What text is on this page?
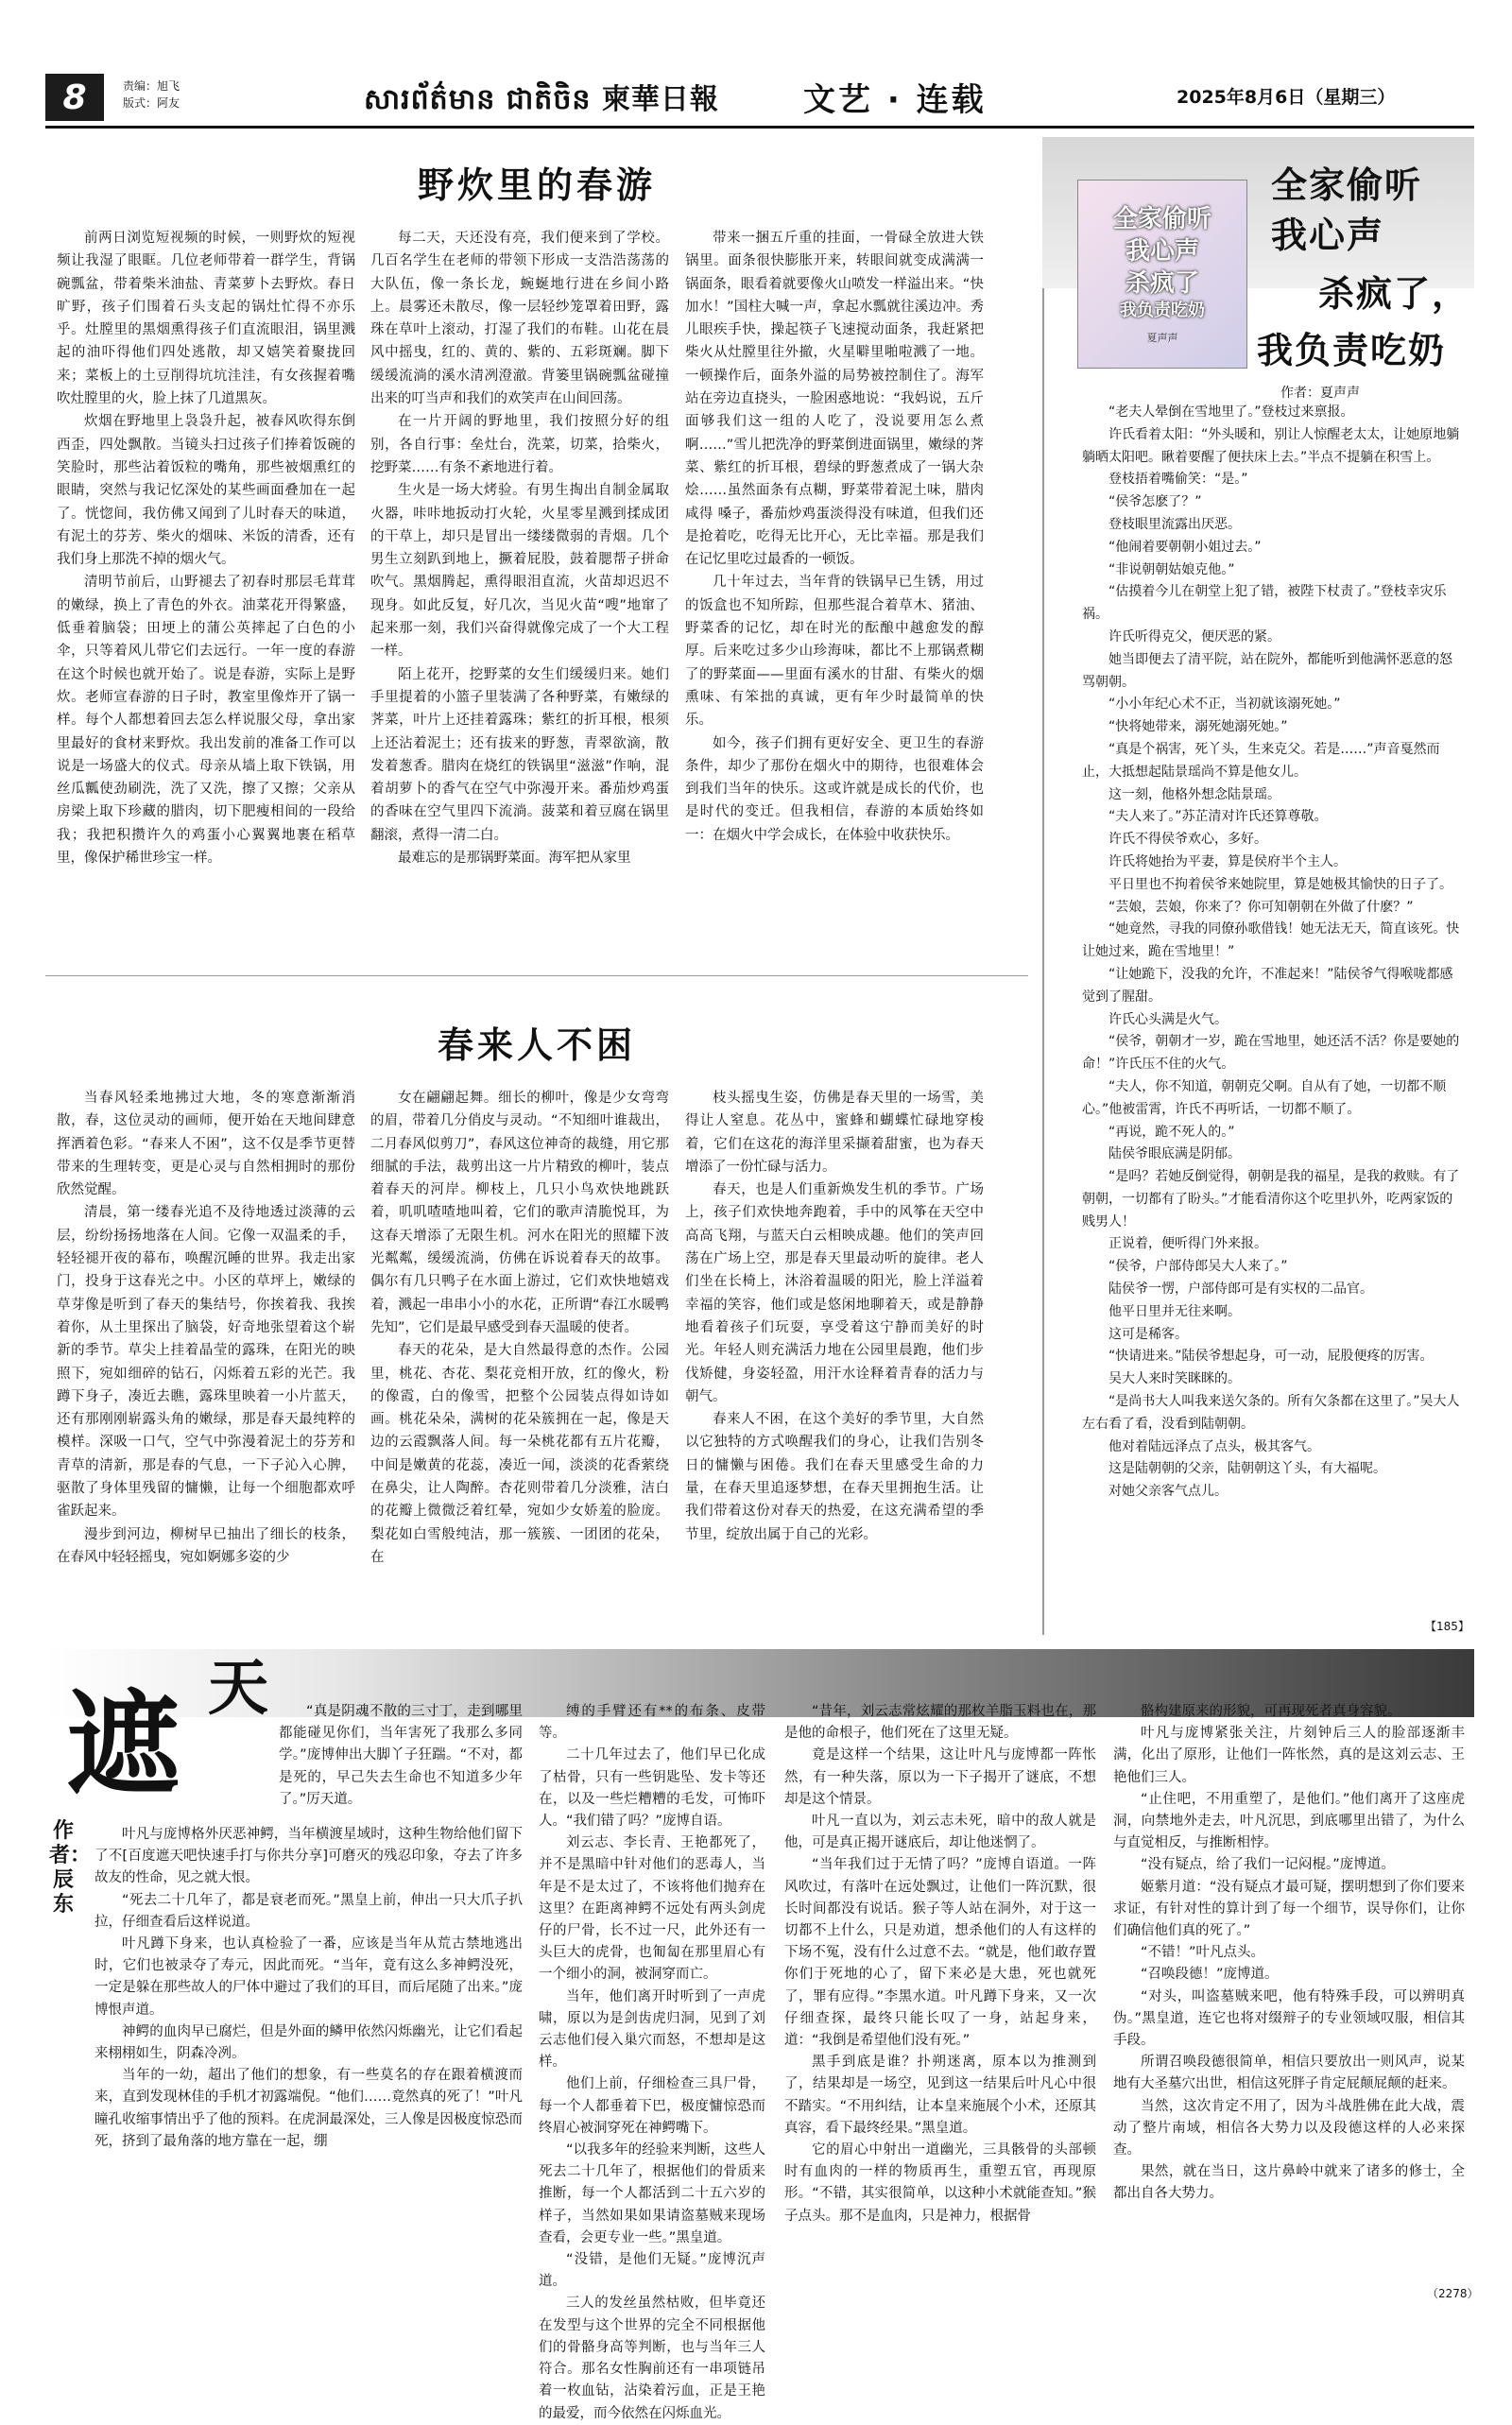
8	责编：旭飞
版式：阿友	សារព័ត៌មាន ជាតិ​ចិន 柬華日報	文艺 · 连载	2025年8月6日（星期三）
野炊里的春游

前两日浏览短视频的时候，一则野炊的短视频让我湿了眼眶。几位老师带着一群学生，背锅碗瓢盆，带着柴米油盐、青菜萝卜去野炊。春日旷野，孩子们围着石头支起的锅灶忙得不亦乐乎。灶膛里的黑烟熏得孩子们直流眼泪，锅里溅起的油吓得他们四处逃散，却又嬉笑着聚拢回来；菜板上的土豆削得坑坑洼洼，有女孩握着嘴吹灶膛里的火，脸上抹了几道黑灰。

炊烟在野地里上袅袅升起，被春风吹得东倒西歪，四处飘散。当镜头扫过孩子们捧着饭碗的笑脸时，那些沾着饭粒的嘴角，那些被烟熏红的眼睛，突然与我记忆深处的某些画面叠加在一起了。恍惚间，我仿佛又闻到了儿时春天的味道，有泥土的芬芳、柴火的烟味、米饭的清香，还有我们身上那洗不掉的烟火气。

清明节前后，山野褪去了初春时那层毛茸茸的嫩绿，换上了青色的外衣。油菜花开得繁盛，低垂着脑袋；田埂上的蒲公英摔起了白色的小伞，只等着风儿带它们去远行。一年一度的春游在这个时候也就开始了。说是春游，实际上是野炊。老师宣春游的日子时，教室里像炸开了锅一样。每个人都想着回去怎么样说服父母，拿出家里最好的食材来野炊。我出发前的准备工作可以说是一场盛大的仪式。母亲从墙上取下铁锅，用丝瓜瓤使劲刷洗，洗了又洗，擦了又擦；父亲从房梁上取下珍藏的腊肉，切下肥瘦相间的一段给我；我把积攒许久的鸡蛋小心翼翼地裹在稻草里，像保护稀世珍宝一样。

每二天，天还没有亮，我们便来到了学校。几百名学生在老师的带领下形成一支浩浩荡荡的大队伍，像一条长龙，蜿蜒地行进在乡间小路上。晨雾还未散尽，像一层轻纱笼罩着田野，露珠在草叶上滚动，打湿了我们的布鞋。山花在晨风中摇曳，红的、黄的、紫的、五彩斑斓。脚下缓缓流淌的溪水清冽澄澈。背篓里锅碗瓢盆碰撞出来的叮当声和我们的欢笑声在山间回荡。

在一片开阔的野地里，我们按照分好的组别，各自行事：垒灶台，洗菜，切菜，拾柴火，挖野菜……有条不紊地进行着。

生火是一场大烤验。有男生掏出自制金属取火器，咔咔地扳动打火轮，火星零星溅到揉成团的干草上，却只是冒出一缕缕微弱的青烟。几个男生立刻趴到地上，撅着屁股，鼓着腮帮子拼命吹气。黑烟腾起，熏得眼泪直流，火苗却迟迟不现身。如此反复，好几次，当见火苗“嗖”地窜了起来那一刻，我们兴奋得就像完成了一个大工程一样。

陌上花开，挖野菜的女生们缓缓归来。她们手里提着的小篮子里装满了各种野菜，有嫩绿的荠菜，叶片上还挂着露珠；紫红的折耳根，根须上还沾着泥土；还有拔来的野葱，青翠欲滴，散发着葱香。腊肉在烧红的铁锅里“滋滋”作响，混着胡萝卜的香气在空气中弥漫开来。番茄炒鸡蛋的香味在空气里四下流淌。菠菜和着豆腐在锅里翻滚，煮得一清二白。

最难忘的是那锅野菜面。海军把从家里

带来一捆五斤重的挂面，一骨碌全放进大铁锅里。面条很快膨胀开来，转眼间就变成满满一锅面条，眼看着就要像火山喷发一样溢出来。“快加水！”国柱大喊一声，拿起水瓢就往溪边冲。秀儿眼疾手快，操起筷子飞速搅动面条，我赶紧把柴火从灶膛里往外撤，火星噼里啪啦溅了一地。一顿操作后，面条外溢的局势被控制住了。海军站在旁边直挠头，一脸困惑地说：“我妈说，五斤面够我们这一组的人吃了，没说要用怎么煮啊……”雪儿把洗净的野菜倒进面锅里，嫩绿的荠菜、紫红的折耳根，碧绿的野葱煮成了一锅大杂烩……虽然面条有点糊，野菜带着泥土味，腊肉咸得 嗓子，番茄炒鸡蛋淡得没有味道，但我们还是抢着吃，吃得无比开心，无比幸福。那是我们在记忆里吃过最香的一顿饭。

几十年过去，当年背的铁锅早已生锈，用过的饭盒也不知所踪，但那些混合着草木、猪油、野菜香的记忆，却在时光的酝酿中越愈发的醇厚。后来吃过多少山珍海味，都比不上那锅煮糊了的野菜面——里面有溪水的甘甜、有柴火的烟熏味、有笨拙的真诚，更有年少时最简单的快乐。

如今，孩子们拥有更好安全、更卫生的春游条件，却少了那份在烟火中的期待，也很难体会到我们当年的快乐。这或许就是成长的代价，也是时代的变迁。但我相信，春游的本质始终如一：在烟火中学会成长，在体验中收获快乐。

春来人不困

当春风轻柔地拂过大地，冬的寒意渐渐消散，春，这位灵动的画师，便开始在天地间肆意挥洒着色彩。“春来人不困”，这不仅是季节更替带来的生理转变，更是心灵与自然相拥时的那份欣然觉醒。

清晨，第一缕春光追不及待地透过淡薄的云层，纷纷扬扬地落在人间。它像一双温柔的手，轻轻褪开夜的幕布，唤醒沉睡的世界。我走出家门，投身于这春光之中。小区的草坪上，嫩绿的草芽像是听到了春天的集结号，你挨着我、我挨着你，从土里探出了脑袋，好奇地张望着这个崭新的季节。草尖上挂着晶莹的露珠，在阳光的映照下，宛如细碎的钻石，闪烁着五彩的光芒。我蹲下身子，凑近去瞧，露珠里映着一小片蓝天，还有那刚刚崭露头角的嫩绿，那是春天最纯粹的模样。深吸一口气，空气中弥漫着泥土的芬芳和青草的清新，那是春的气息，一下子沁入心脾，驱散了身体里残留的慵懒，让每一个细胞都欢呼雀跃起来。

漫步到河边，柳树早已抽出了细长的枝条，在春风中轻轻摇曳，宛如婀娜多姿的少

女在翩翩起舞。细长的柳叶，像是少女弯弯的眉，带着几分俏皮与灵动。“不知细叶谁裁出，二月春风似剪刀”，春风这位神奇的裁缝，用它那细腻的手法，裁剪出这一片片精致的柳叶，装点着春天的河岸。柳枝上，几只小鸟欢快地跳跃着，叽叽喳喳地叫着，它们的歌声清脆悦耳，为这春天增添了无限生机。河水在阳光的照耀下波光粼粼，缓缓流淌，仿佛在诉说着春天的故事。偶尔有几只鸭子在水面上游过，它们欢快地嬉戏着，溅起一串串小小的水花，正所谓“春江水暖鸭先知”，它们是最早感受到春天温暖的使者。

春天的花朵，是大自然最得意的杰作。公园里，桃花、杏花、梨花竞相开放，红的像火，粉的像霞，白的像雪，把整个公园装点得如诗如画。桃花朵朵，满树的花朵簇拥在一起，像是天边的云霞飘落人间。每一朵桃花都有五片花瓣，中间是嫩黄的花蕊，凑近一闻，淡淡的花香萦绕在鼻尖，让人陶醉。杏花则带着几分淡雅，洁白的花瓣上微微泛着红晕，宛如少女娇羞的脸庞。梨花如白雪般纯洁，那一簇簇、一团团的花朵，在

枝头摇曳生姿，仿佛是春天里的一场雪，美得让人窒息。花丛中，蜜蜂和蝴蝶忙碌地穿梭着，它们在这花的海洋里采撷着甜蜜，也为春天增添了一份忙碌与活力。

春天，也是人们重新焕发生机的季节。广场上，孩子们欢快地奔跑着，手中的风筝在天空中高高飞翔，与蓝天白云相映成趣。他们的笑声回荡在广场上空，那是春天里最动听的旋律。老人们坐在长椅上，沐浴着温暖的阳光，脸上洋溢着幸福的笑容，他们或是悠闲地聊着天，或是静静地看着孩子们玩耍，享受着这宁静而美好的时光。年轻人则充满活力地在公园里晨跑，他们步伐矫健，身姿轻盈，用汗水诠释着青春的活力与朝气。

春来人不困，在这个美好的季节里，大自然以它独特的方式唤醒我们的身心，让我们告别冬日的慵懒与困倦。我们在春天里感受生命的力量，在春天里追逐梦想，在春天里拥抱生活。让我们带着这份对春天的热爱，在这充满希望的季节里，绽放出属于自己的光彩。

全家偷听
我心声
杀疯了
我负责吃奶
夏声声
全家偷听
我心声
杀疯了，
我负责吃奶
作者：夏声声

“老夫人晕倒在雪地里了。”登枝过来禀报。

许氏看着太阳：“外头暖和，别让人惊醒老太太，让她原地躺躺晒太阳吧。瞅着要醒了便扶床上去。”半点不提躺在积雪上。

登枝捂着嘴偷笑：“是。”

“侯爷怎麽了？”

登枝眼里流露出厌恶。

“他闹着要朝朝小姐过去。”

“非说朝朝姑娘克他。”

“估摸着今儿在朝堂上犯了错，被陛下杖责了。”登枝幸灾乐祸。

许氏听得克父，便厌恶的紧。

她当即便去了清平院，站在院外，都能听到他满怀恶意的怒骂朝朝。

“小小年纪心术不正，当初就该溺死她。”

“快将她带来，溺死她溺死她。”

“真是个祸害，死丫头，生来克父。若是……”声音戛然而止，大抵想起陆景瑶尚不算是他女儿。

这一刻，他格外想念陆景瑶。

“夫人来了。”苏芷清对许氏还算尊敬。

许氏不得侯爷欢心，多好。

许氏将她抬为平妻，算是侯府半个主人。

平日里也不拘着侯爷来她院里，算是她极其愉快的日子了。

“芸娘，芸娘，你来了？你可知朝朝在外做了什麽？”

“她竟然，寻我的同僚孙歌借钱！她无法无天，简直该死。快让她过来，跪在雪地里！”

“让她跪下，没我的允许，不准起来！”陆侯爷气得喉咙都感觉到了腥甜。

许氏心头满是火气。

“侯爷，朝朝才一岁，跪在雪地里，她还活不活？你是要她的命！”许氏压不住的火气。

“夫人，你不知道，朝朝克父啊。自从有了她，一切都不顺心。”他被雷霄，许氏不再听话，一切都不顺了。

“再说，跪不死人的。”

陆侯爷眼底满是阴郁。

“是吗？若她反倒觉得，朝朝是我的福星，是我的救赎。有了朝朝，一切都有了盼头。”才能看清你这个吃里扒外，吃两家饭的贱男人！

正说着，便听得门外来报。

“侯爷，户部侍郎吴大人来了。”

陆侯爷一愣，户部侍郎可是有实权的二品官。

他平日里并无往来啊。

这可是稀客。

“快请进来。”陆侯爷想起身，可一动，屁股便疼的厉害。

吴大人来时笑眯眯的。

“是尚书大人叫我来送欠条的。所有欠条都在这里了。”吴大人左右看了看，没看到陆朝朝。

他对着陆远泽点了点头，极其客气。

这是陆朝朝的父亲，陆朝朝这丫头，有大福呢。

对她父亲客气点儿。

【185】
遮 天
作者：辰东

“真是阴魂不散的三寸丁，走到哪里都能碰见你们，当年害死了我那么多同学。”庞博伸出大脚丫子狂踹。“不对，都是死的，早己失去生命也不知道多少年了。”厉天道。

叶凡与庞博格外厌恶神鳄，当年横渡星域时，这种生物给他们留下了不[百度遮天吧快速手打与你共分享]可磨灭的残忍印象，夺去了许多故友的性命，见之就大恨。

“死去二十几年了，都是衰老而死。”黑皇上前，伸出一只大爪子扒拉，仔细查看后这样说道。

叶凡蹲下身来，也认真检验了一番，应该是当年从荒古禁地逃出时，它们也被录夺了寿元，因此而死。“当年，竟有这么多神鳄没死，一定是躲在那些故人的尸体中避过了我们的耳目，而后尾随了出来。”庞博恨声道。

神鳄的血肉早已腐烂，但是外面的鳞甲依然闪烁幽光，让它们看起来栩栩如生，阴森冷冽。

当年的一幼，超出了他们的想象，有一些莫名的存在跟着横渡而来，直到发现林佳的手机才初露端倪。“他们……竟然真的死了！”叶凡瞳孔收缩事情出乎了他的预料。在虎洞最深处，三人像是因极度惊恐而死，挤到了最角落的地方靠在一起，绷

缚的手臂还有**的布条、皮带等。

二十几年过去了，他们早已化成了枯骨，只有一些钥匙坠、发卡等还在，以及一些烂糟糟的毛发，可怖吓人。“我们错了吗？”庞博自语。

刘云志、李长青、王艳都死了，并不是黑暗中针对他们的恶毒人，当年是不是太过了，不该将他们抛弃在这里？在距离神鳄不远处有两头剑虎仔的尸骨，长不过一尺，此外还有一头巨大的虎骨，也匍匐在那里眉心有一个细小的洞，被洞穿而亡。

当年，他们离开时听到了一声虎啸，原以为是剑齿虎归洞，见到了刘云志他们侵入巢穴而怒，不想却是这样。

他们上前，仔细检查三具尸骨，每一个人都垂着下巴，极度慵惊恐而终眉心被洞穿死在神鳄嘴下。

“以我多年的经验来判断，这些人死去二十几年了，根据他们的骨质来推断，每一个人都活到二十五六岁的样子，当然如果如果请盗墓贼来现场查看，会更专业一些。”黑皇道。

“没错，是他们无疑。”庞博沉声道。

三人的发丝虽然枯败，但毕竟还在发型与这个世界的完全不同根据他们的骨骼身高等判断，也与当年三人符合。那名女性胸前还有一串项链吊着一枚血钻，沾染着污血，正是王艳的最爱，而今依然在闪烁血光。

“昔年，刘云志常炫耀的那枚羊脂玉料也在，那是他的命根子，他们死在了这里无疑。

竟是这样一个结果，这让叶凡与庞博都一阵怅然，有一种失落，原以为一下子揭开了谜底，不想却是这个情景。

叶凡一直以为，刘云志未死，暗中的敌人就是他，可是真正揭开谜底后，却让他迷惘了。

“当年我们过于无情了吗？”庞博自语道。一阵风吹过，有落叶在远处飘过，让他们一阵沉默，很长时间都没有说话。猴子等人站在洞外，对于这一切都不上什么，只是劝道，想杀他们的人有这样的下场不冤，没有什么过意不去。“就是，他们敢存置你们于死地的心了，留下来必是大患，死也就死了，罪有应得。”李黑水道。叶凡蹲下身来，又一次仔细查探，最终只能长叹了一身，站起身来，道：“我倒是希望他们没有死。”

黑手到底是谁？扑朔迷离，原本以为推测到了，结果却是一场空，见到这一结果后叶凡心中很不踏实。“不用纠结，让本皇来施展个小术，还原其真容，看下最终经果。”黑皇道。

它的眉心中射出一道幽光，三具骸骨的头部顿时有血肉的一样的物质再生，重塑五官，再现原形。“不错，其实很简单，以这种小术就能查知。”猴子点头。那不是血肉，只是神力，根据骨

骼构建原来的形貌，可再现死者真身容貌。

叶凡与庞博紧张关注，片刻钟后三人的脸部逐渐丰满，化出了原形，让他们一阵怅然，真的是这刘云志、王艳他们三人。

“止住吧，不用重塑了，是他们。”他们离开了这座虎洞，向禁地外走去，叶凡沉思，到底哪里出错了，为什么与直觉相反，与推断相悖。

“没有疑点，给了我们一记闷棍。”庞博道。

姬紫月道：“没有疑点才最可疑，摆明想到了你们要来求证，有针对性的算计到了每一个细节，误导你们，让你们确信他们真的死了。”

“不错！”叶凡点头。

“召唤段德！”庞博道。

“对头，叫盗墓贼来吧，他有特殊手段，可以辨明真伪。”黑皇道，连它也将对缀辩子的专业领域叹服，相信其手段。

所谓召唤段德很简单，相信只要放出一则风声，说某地有大圣墓穴出世，相信这死胖子肯定屁颠屁颠的赶来。

当然，这次肯定不用了，因为斗战胜佛在此大战，震动了整片南域，相信各大势力以及段德这样的人必来探查。

果然，就在当日，这片鼻岭中就来了诸多的修士，全都出自各大势力。

（2278）
